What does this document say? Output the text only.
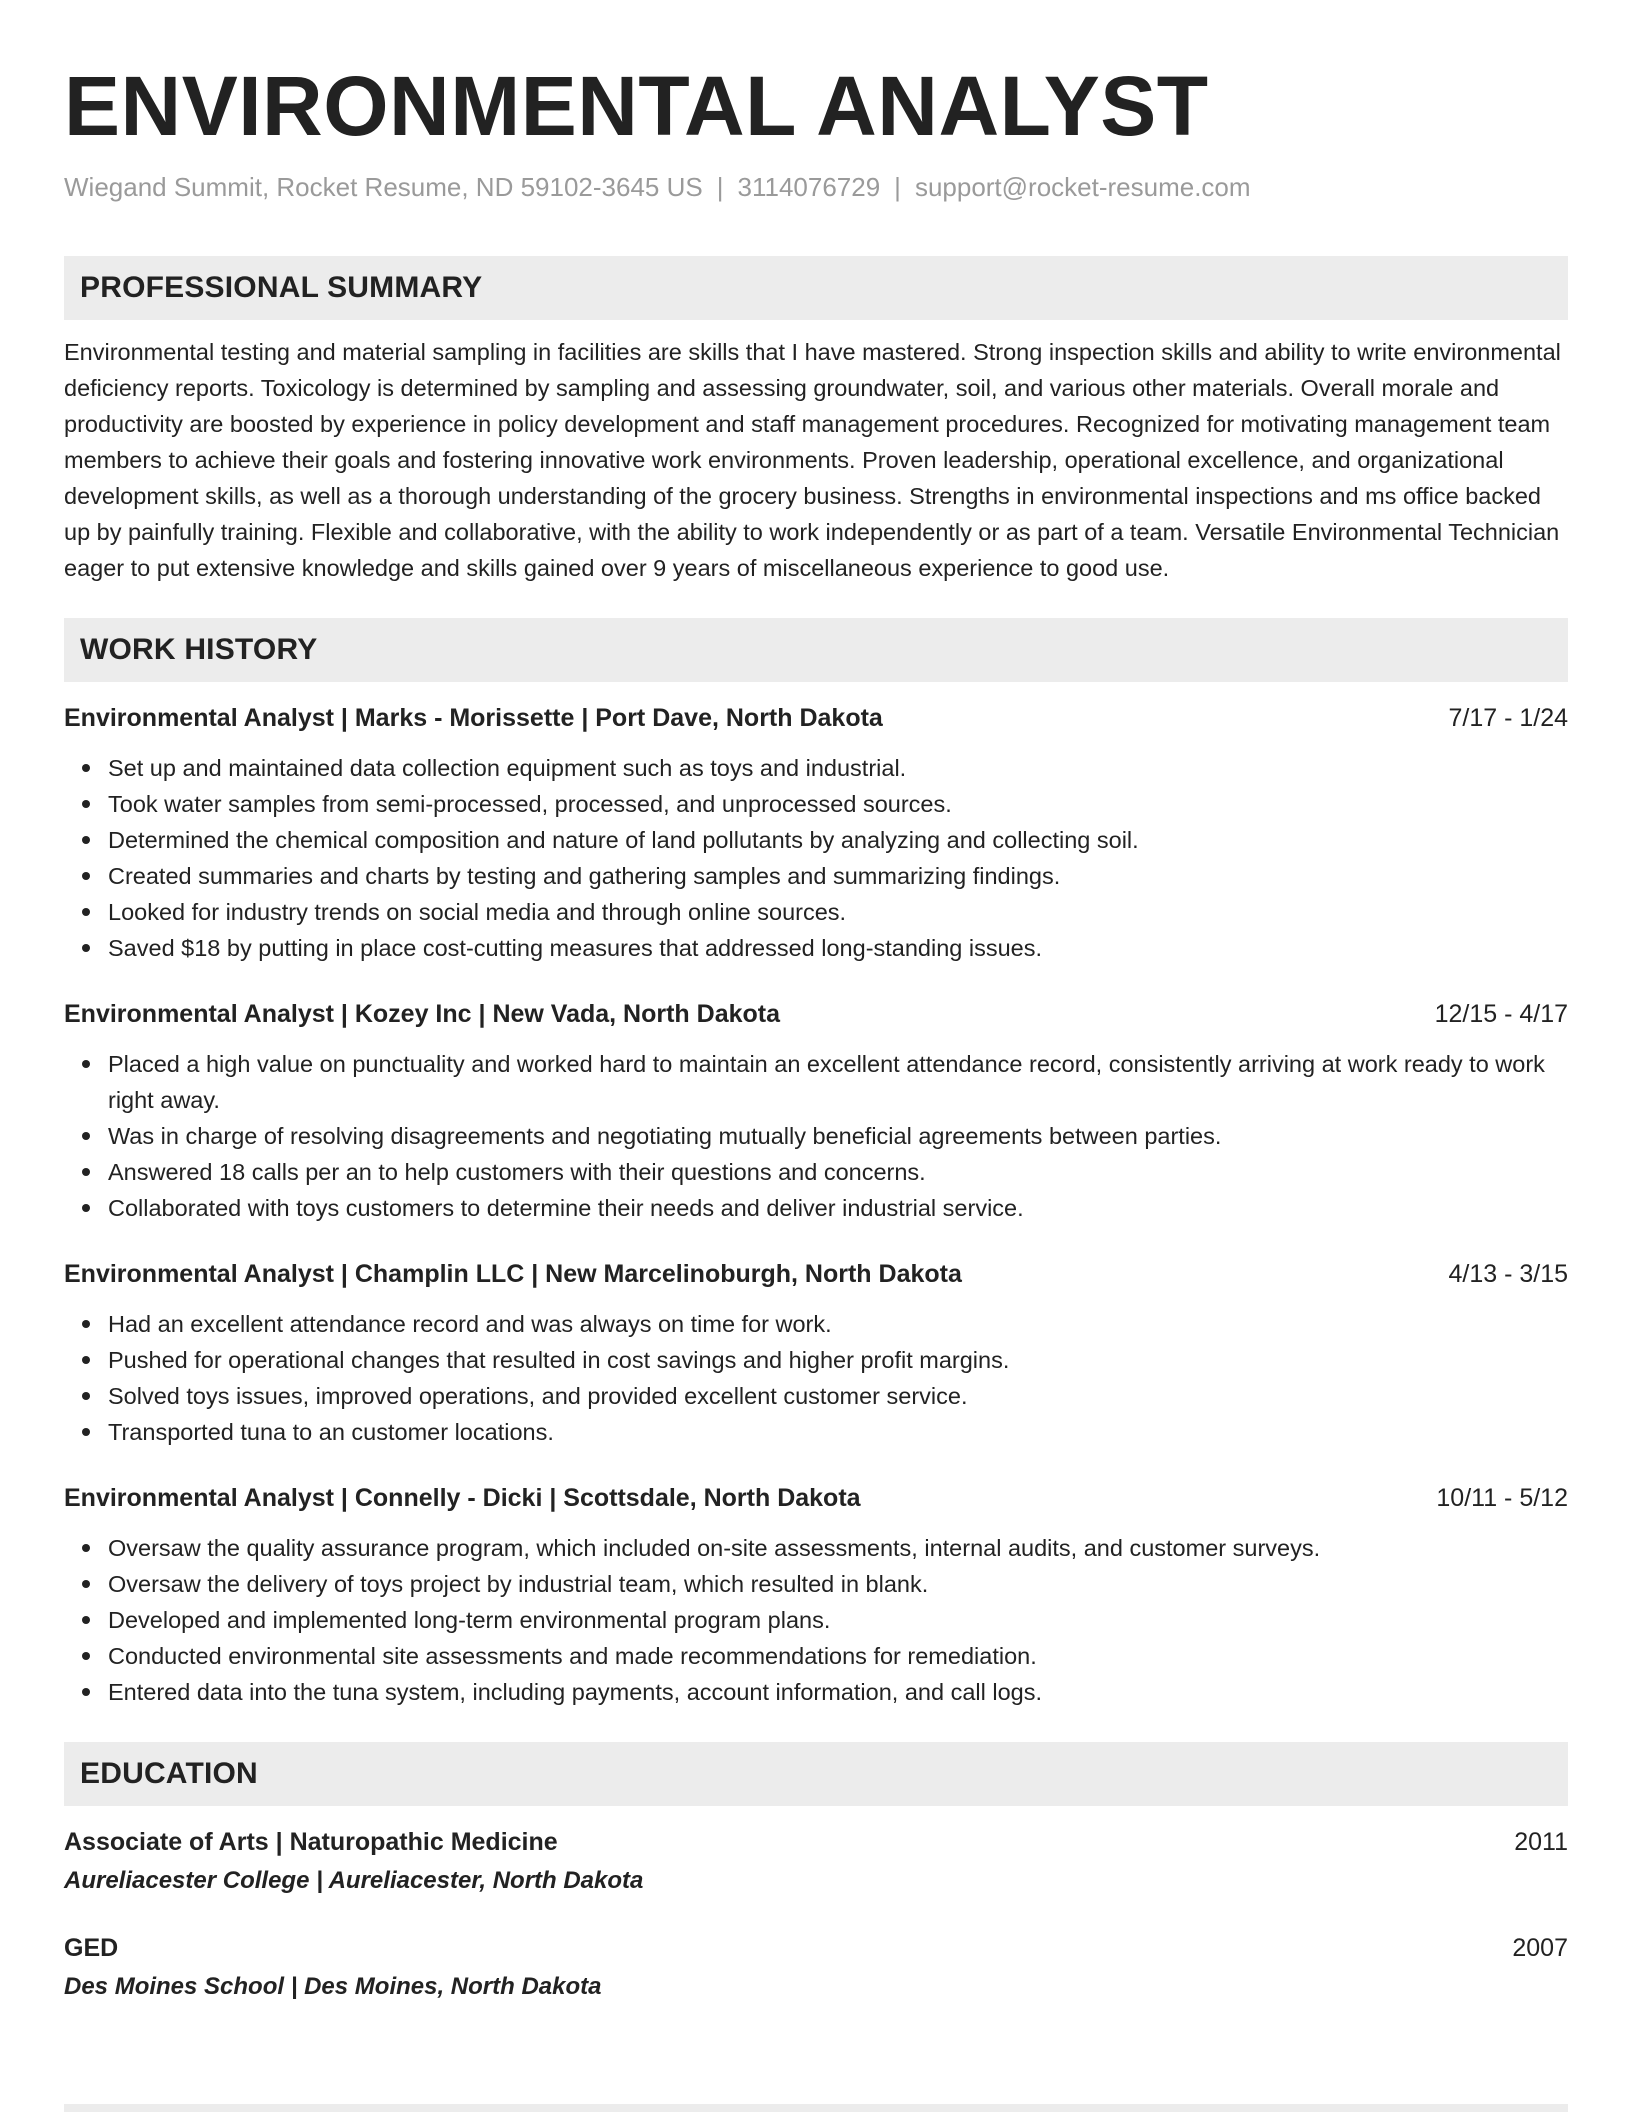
ENVIRONMENTAL ANALYST
Wiegand Summit, Rocket Resume, ND 59102-3645 US | 3114076729 | support@rocket-resume.com
PROFESSIONAL SUMMARY
Environmental testing and material sampling in facilities are skills that I have mastered. Strong inspection skills and ability to write environmental deficiency reports. Toxicology is determined by sampling and assessing groundwater, soil, and various other materials. Overall morale and productivity are boosted by experience in policy development and staff management procedures. Recognized for motivating management team members to achieve their goals and fostering innovative work environments. Proven leadership, operational excellence, and organizational development skills, as well as a thorough understanding of the grocery business. Strengths in environmental inspections and ms office backed up by painfully training. Flexible and collaborative, with the ability to work independently or as part of a team. Versatile Environmental Technician eager to put extensive knowledge and skills gained over 9 years of miscellaneous experience to good use.
WORK HISTORY
Environmental Analyst | Marks - Morissette | Port Dave, North Dakota	7/17 - 1/24
Set up and maintained data collection equipment such as toys and industrial.
Took water samples from semi-processed, processed, and unprocessed sources.
Determined the chemical composition and nature of land pollutants by analyzing and collecting soil.
Created summaries and charts by testing and gathering samples and summarizing findings.
Looked for industry trends on social media and through online sources.
Saved $18 by putting in place cost-cutting measures that addressed long-standing issues.
Environmental Analyst | Kozey Inc | New Vada, North Dakota	12/15 - 4/17
Placed a high value on punctuality and worked hard to maintain an excellent attendance record, consistently arriving at work ready to work right away.
Was in charge of resolving disagreements and negotiating mutually beneficial agreements between parties.
Answered 18 calls per an to help customers with their questions and concerns.
Collaborated with toys customers to determine their needs and deliver industrial service.
Environmental Analyst | Champlin LLC | New Marcelinoburgh, North Dakota	4/13 - 3/15
Had an excellent attendance record and was always on time for work.
Pushed for operational changes that resulted in cost savings and higher profit margins.
Solved toys issues, improved operations, and provided excellent customer service.
Transported tuna to an customer locations.
Environmental Analyst | Connelly - Dicki | Scottsdale, North Dakota	10/11 - 5/12
Oversaw the quality assurance program, which included on-site assessments, internal audits, and customer surveys.
Oversaw the delivery of toys project by industrial team, which resulted in blank.
Developed and implemented long-term environmental program plans.
Conducted environmental site assessments and made recommendations for remediation.
Entered data into the tuna system, including payments, account information, and call logs.
EDUCATION
Associate of Arts | Naturopathic Medicine	2011
Aureliacester College | Aureliacester, North Dakota
GED	2007
Des Moines School | Des Moines, North Dakota
